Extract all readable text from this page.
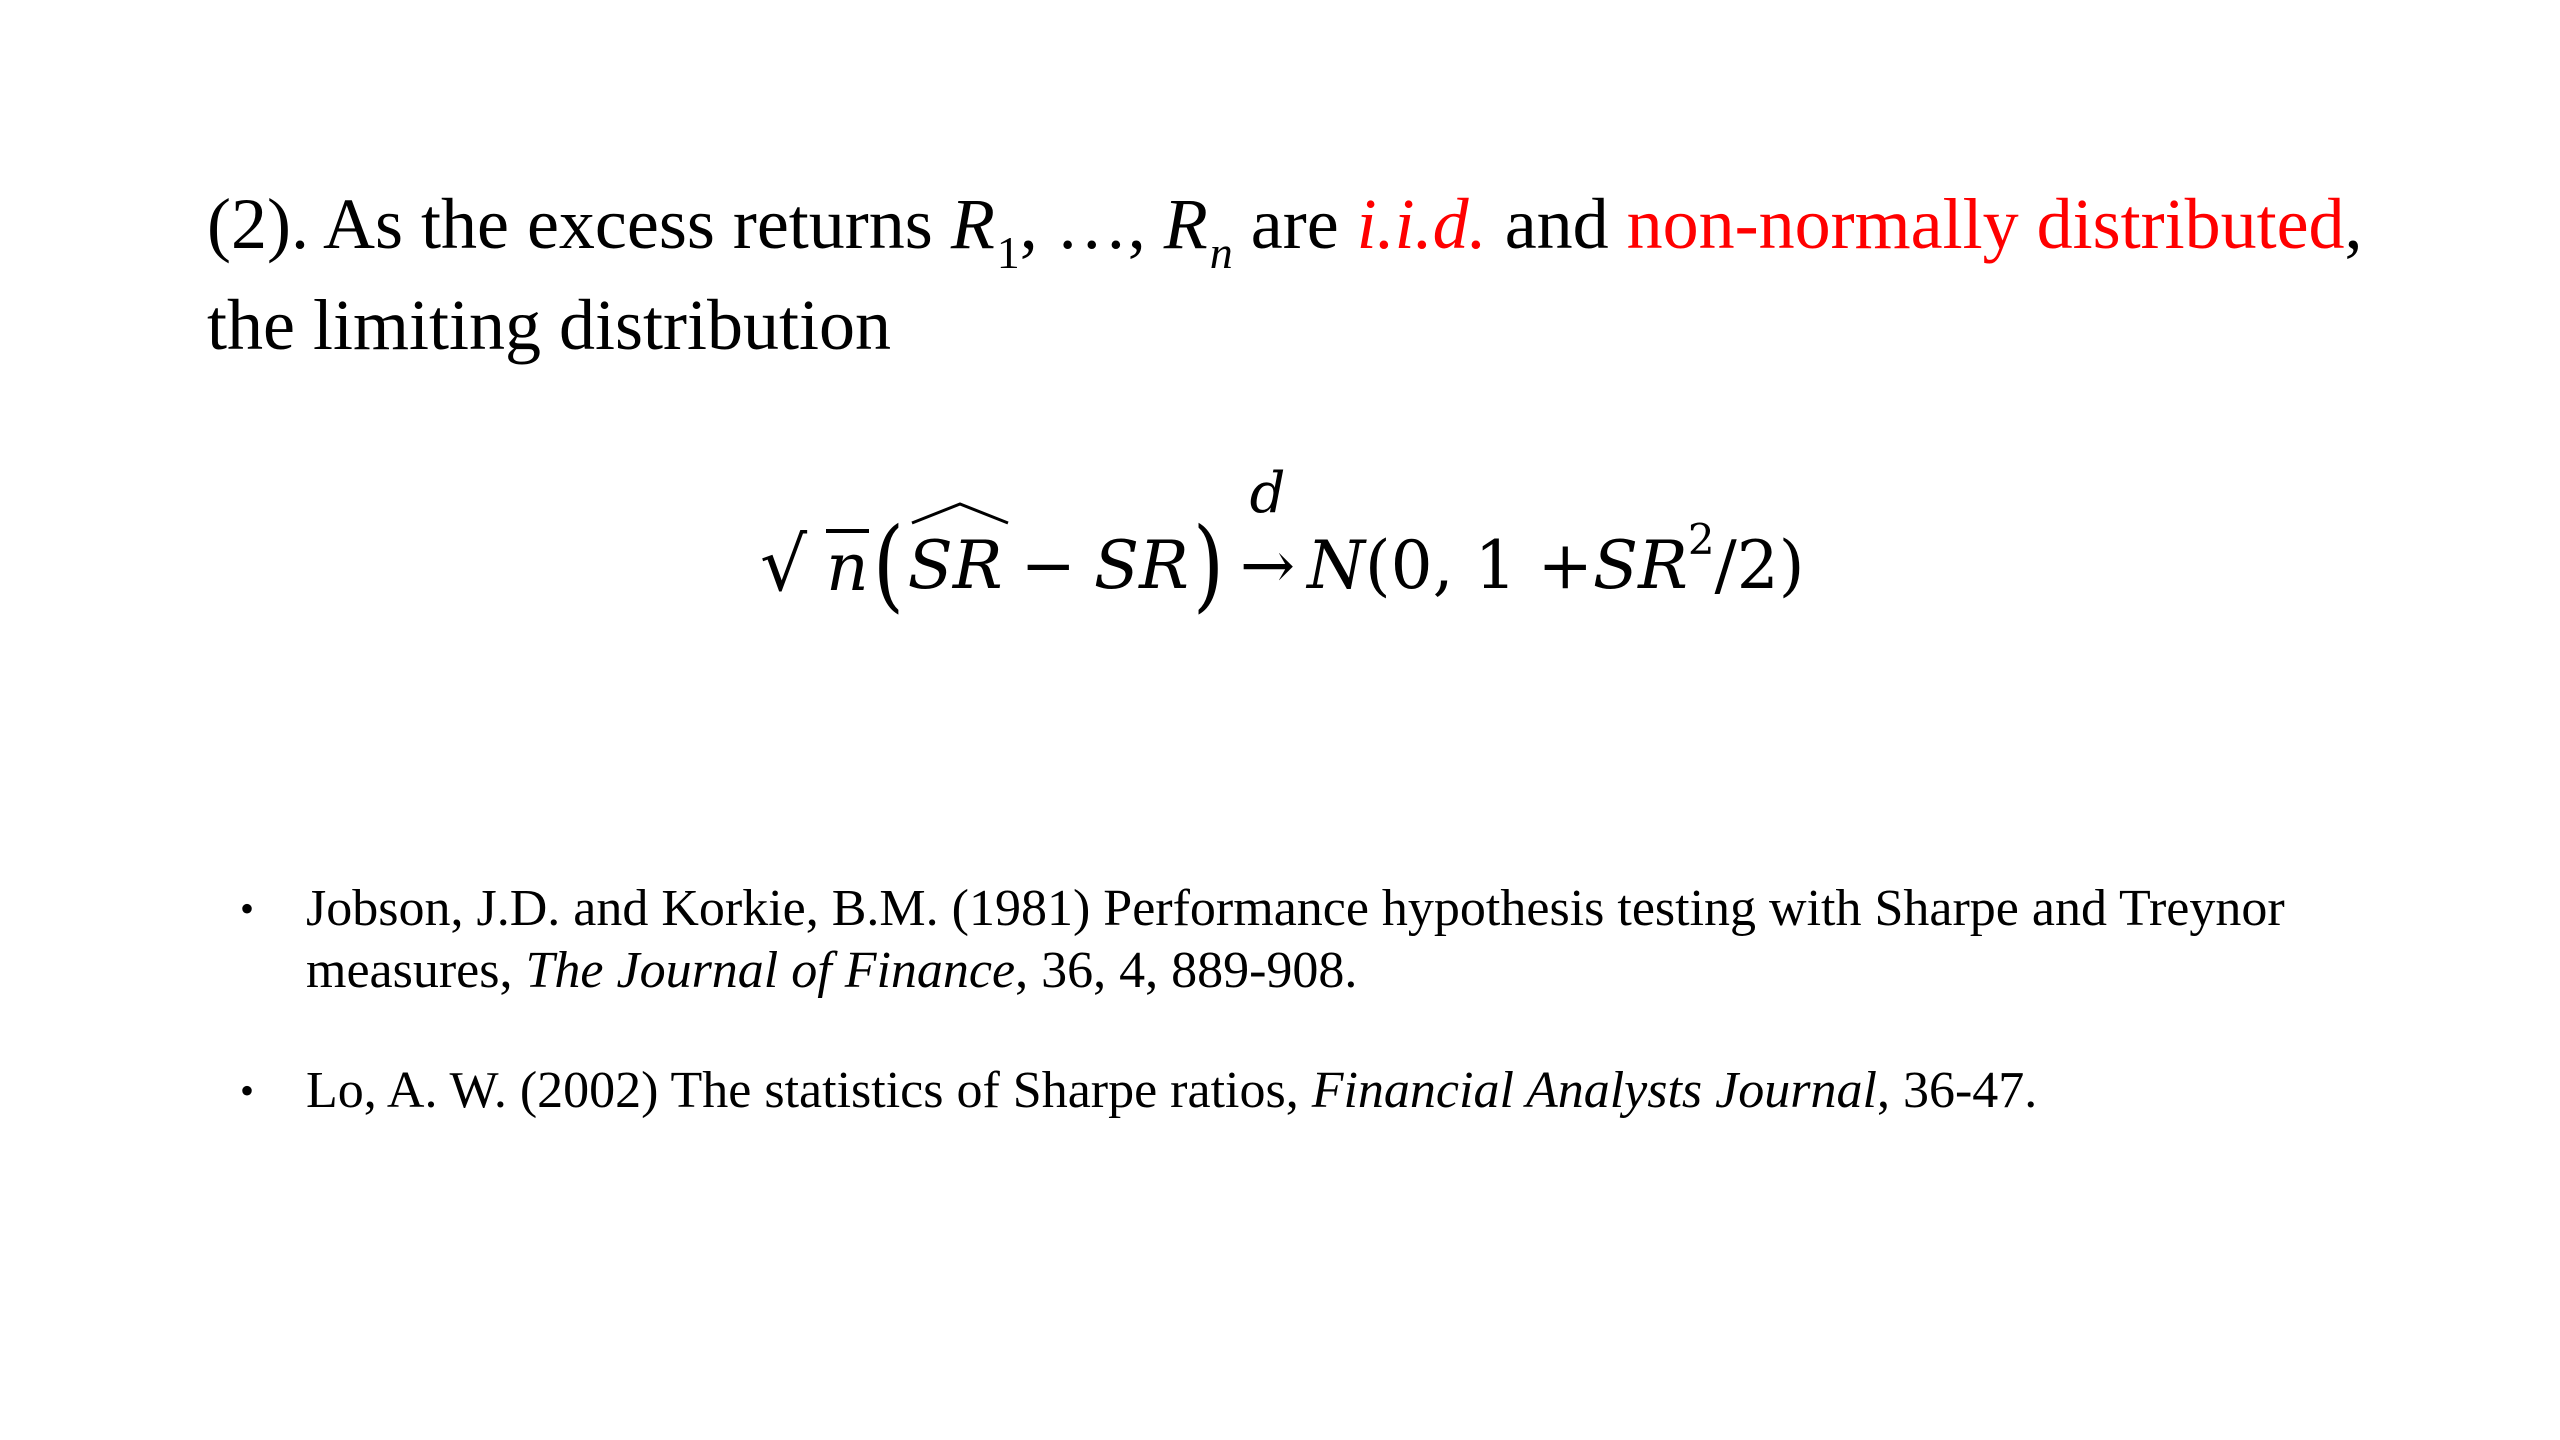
(2). As the excess returns $R_1$, …, $R_n$ are i.i.d. and non-normally distributed,
the limiting distribution
√ n ( SR − SR )
d
→ N (0, 1 + SR 2 /2)
• Jobson, J.D. and Korkie, B.M. (1981) Performance hypothesis testing with Sharpe and Treynor
measures, The Journal of Finance, 36, 4, 889-908.
• Lo, A. W. (2002) The statistics of Sharpe ratios, Financial Analysts Journal, 36-47.
